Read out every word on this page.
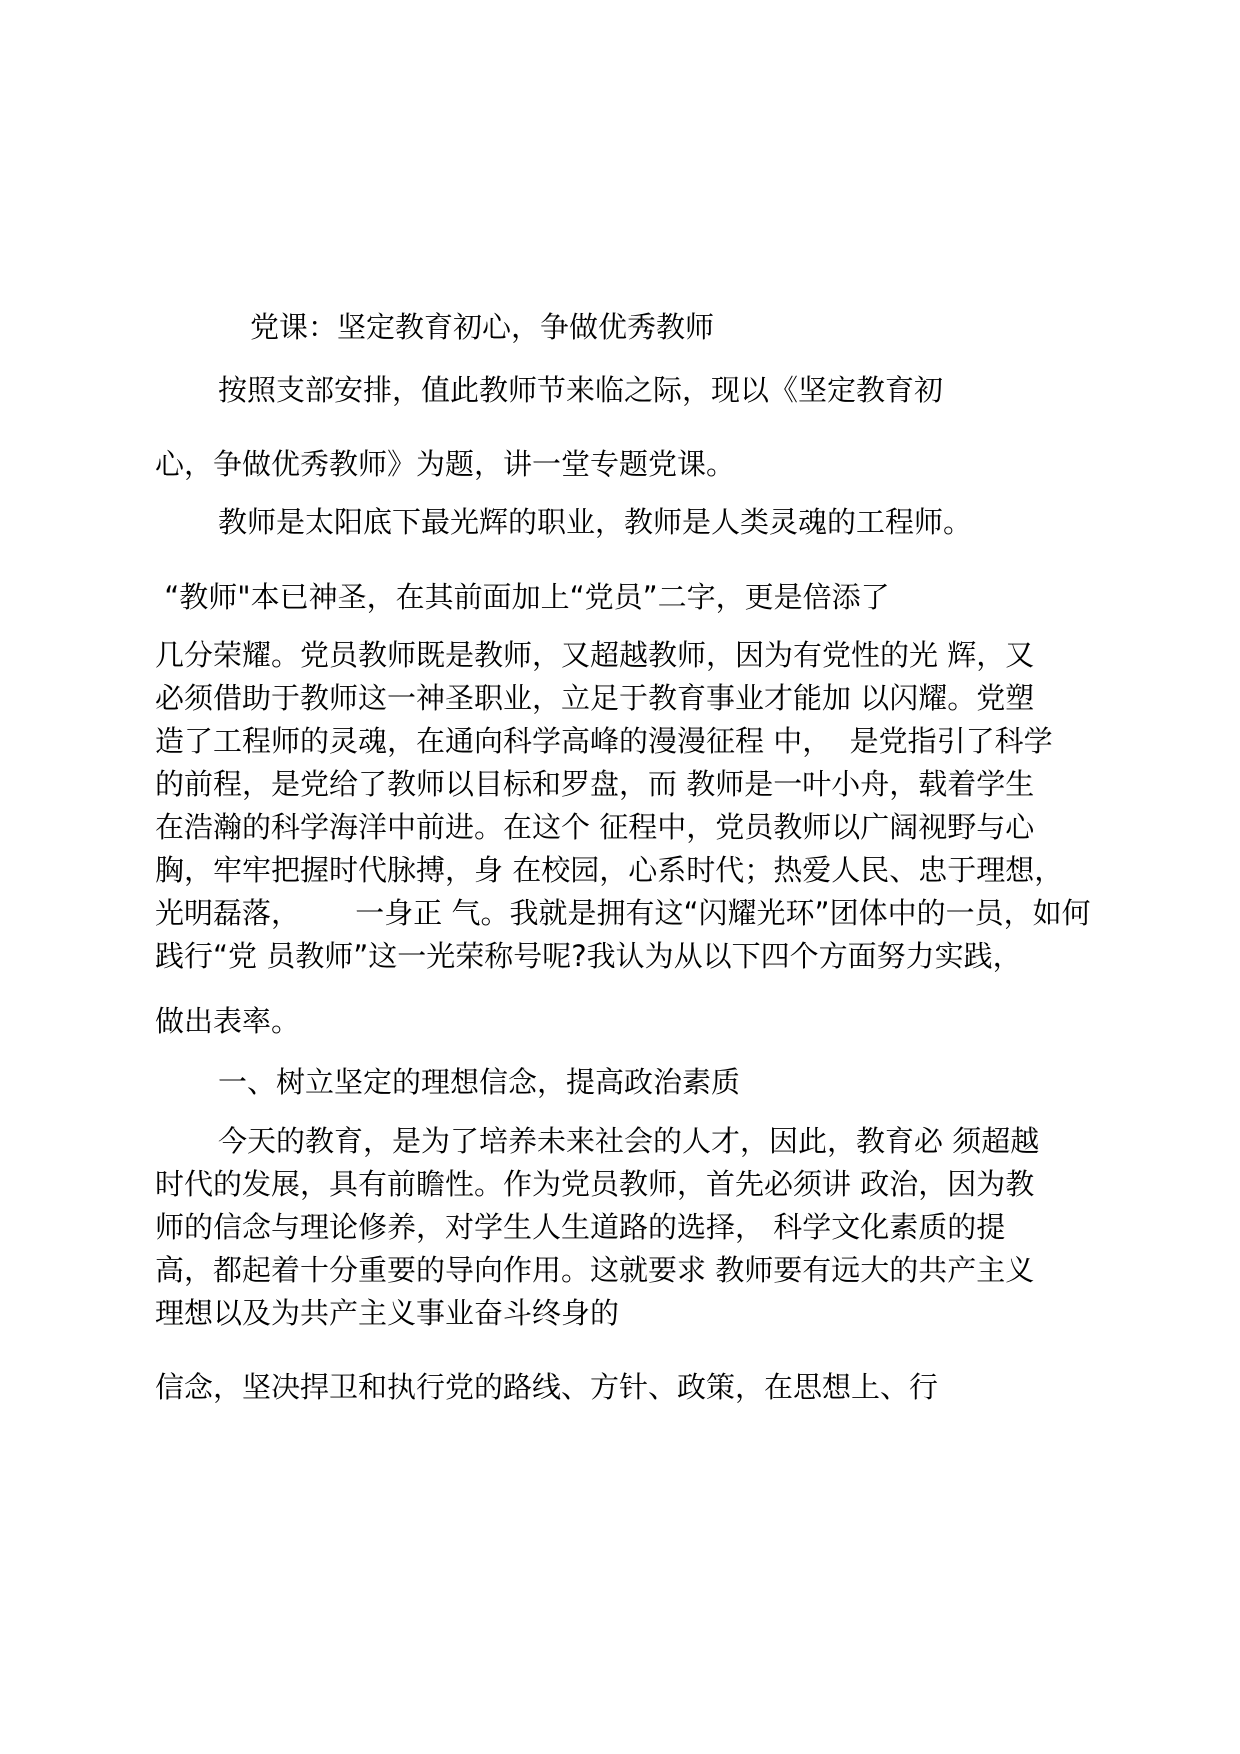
党课：坚定教育初心，争做优秀教师

按照支部安排，值此教师节来临之际，现以《坚定教育初

心，争做优秀教师》为题，讲一堂专题党课。

教师是太阳底下最光辉的职业，教师是人类灵魂的工程师。

“教师"本已神圣，在其前面加上“党员”二字，更是倍添了

几分荣耀。党员教师既是教师，又超越教师，因为有党性的光 辉，又

必须借助于教师这一神圣职业，立足于教育事业才能加 以闪耀。党塑

造了工程师的灵魂，在通向科学高峰的漫漫征程 中，  是党指引了科学

的前程，是党给了教师以目标和罗盘，而 教师是一叶小舟，载着学生

在浩瀚的科学海洋中前进。在这个 征程中，党员教师以广阔视野与心

胸，牢牢把握时代脉搏，身 在校园，心系时代；热爱人民、忠于理想，

光明磊落，      一身正 气。我就是拥有这“闪耀光环”团体中的一员，如何

践行“党 员教师”这一光荣称号呢?我认为从以下四个方面努力实践，

做出表率。

一、树立坚定的理想信念，提高政治素质

今天的教育，是为了培养未来社会的人才，因此，教育必 须超越

时代的发展，具有前瞻性。作为党员教师，首先必须讲 政治，因为教

师的信念与理论修养，对学生人生道路的选择， 科学文化素质的提

高，都起着十分重要的导向作用。这就要求 教师要有远大的共产主义

理想以及为共产主义事业奋斗终身的

信念，坚决捍卫和执行党的路线、方针、政策，在思想上、行
